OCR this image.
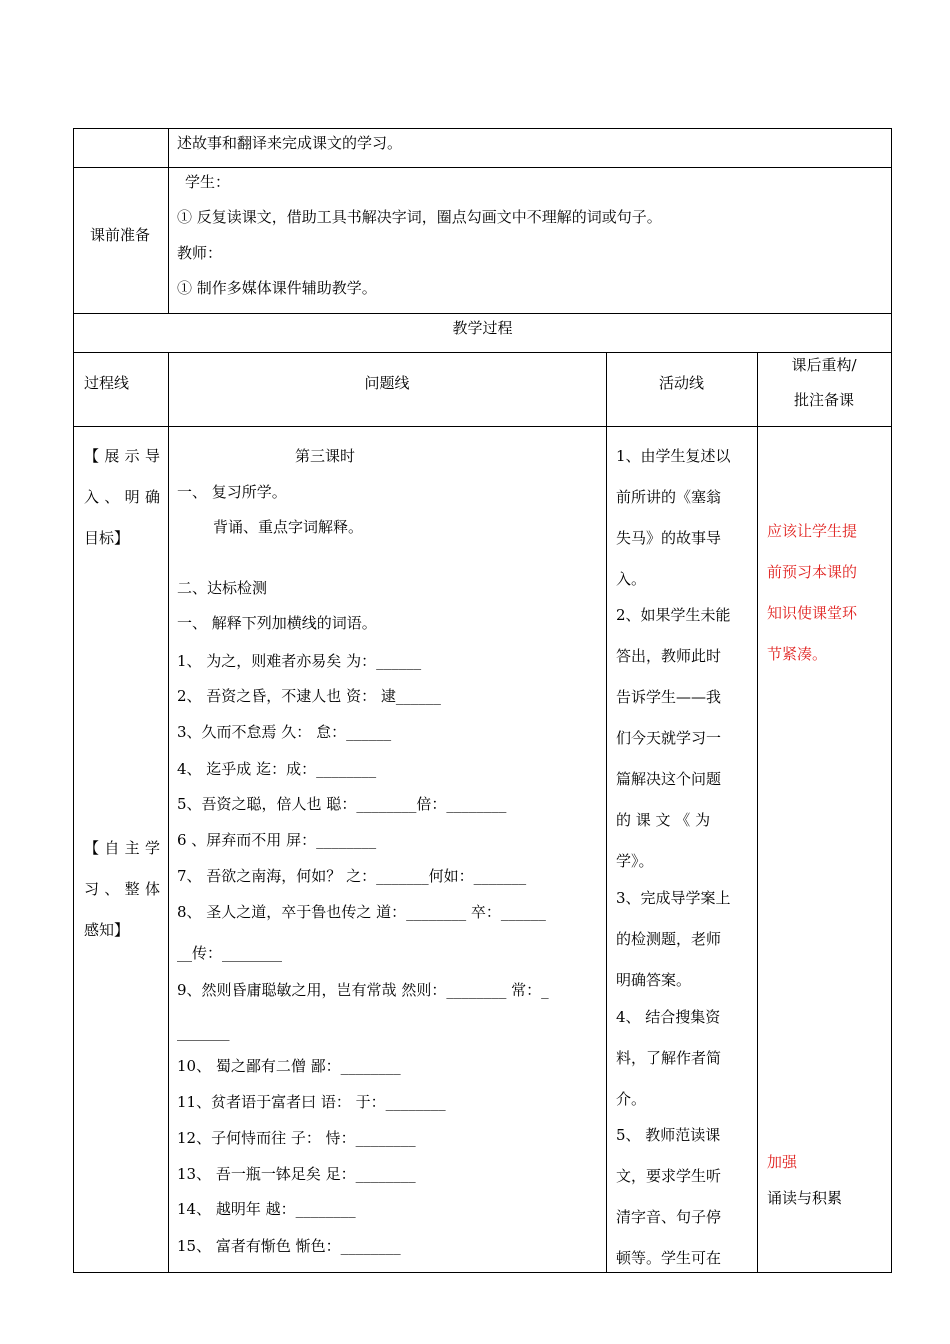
述故事和翻译来完成课文的学习。
课前准备
学生：
① 反复读课文，借助工具书解决字词，圈点勾画文中不理解的词或句子。
教师：
① 制作多媒体课件辅助教学。
教学过程
过程线	问题线	活动线
课后重构/
批注备课
【展示导
入、明确
目标】
【自主学
习、整体
感知】
第三课时
一、 复习所学。
背诵、重点字词解释。
二、达标检测
一、 解释下列加横线的词语。
1、 为之，则难者亦易矣 为：______
2、 吾资之昏，不逮人也 资： 逮______
3、久而不怠焉 久： 怠：______
4、 迄乎成 迄：成：________
5、吾资之聪，倍人也 聪：________倍：________
6 、屏弃而不用 屏：________
7、 吾欲之南海，何如？ 之：_______何如：_______
8、 圣人之道，卒于鲁也传之 道：________ 卒：______
__传：________
9、然则昏庸聪敏之用，岂有常哉 然则：________ 常：_
_______
10、 蜀之鄙有二僧 鄙：________
11、贫者语于富者曰 语： 于：________
12、子何恃而往 子： 恃：________
13、 吾一瓶一钵足矣 足：________
14、 越明年 越：________
15、 富者有惭色 惭色：________
1、由学生复述以
前所讲的《塞翁
失马》的故事导
入。
2、如果学生未能
答出，教师此时
告诉学生——我
们今天就学习一
篇解决这个问题
的 课 文 《 为
学》。
3、完成导学案上
的检测题，老师
明确答案。
4、 结合搜集资
料，了解作者简
介。
5、 教师范读课
文，要求学生听
清字音、句子停
顿等。学生可在
应该让学生提
前预习本课的
知识使课堂环
节紧凑。
加强
诵读与积累
